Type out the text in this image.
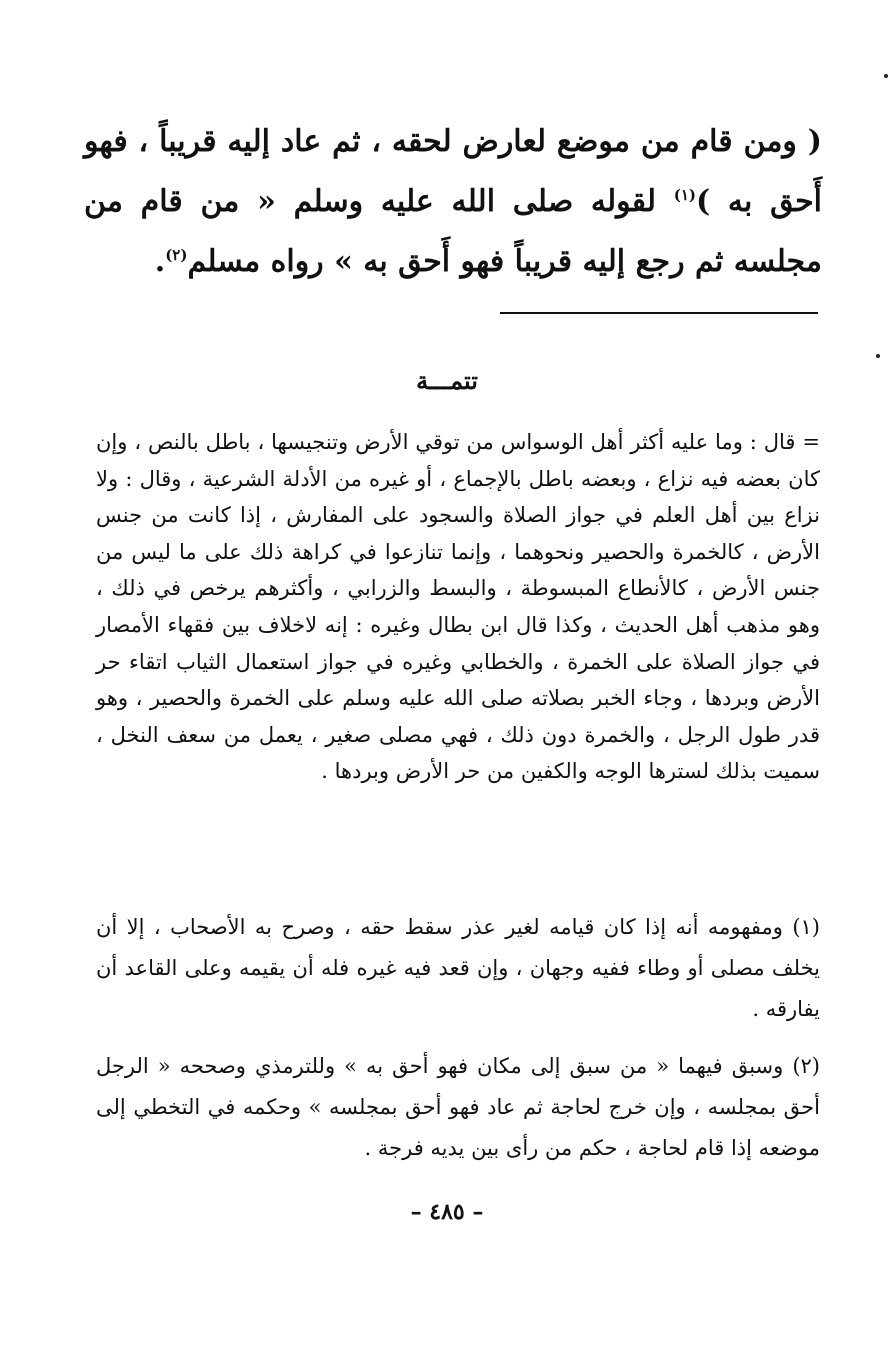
( ومن قام من موضع لعارض لحقه ، ثم عاد إليه قريباً ، فهو أَحق به )$^{(١)}$ لقوله صلى الله عليه وسلم « من قام من مجلسه ثم رجع إليه قريباً فهو أَحق به » رواه مسلم$^{(٢)}$.
تتمـــة
= قال : وما عليه أكثر أهل الوسواس من توقي الأرض وتنجيسها ، باطل بالنص ، وإن كان بعضه فيه نزاع ، وبعضه باطل بالإجماع ، أو غيره من الأدلة الشرعية ، وقال : ولا نزاع بين أهل العلم في جواز الصلاة والسجود على المفارش ، إذا كانت من جنس الأرض ، كالخمرة والحصير ونحوهما ، وإنما تنازعوا في كراهة ذلك على ما ليس من جنس الأرض ، كالأنطاع المبسوطة ، والبسط والزرابي ، وأكثرهم يرخص في ذلك ، وهو مذهب أهل الحديث ، وكذا قال ابن بطال وغيره : إنه لاخلاف بين فقهاء الأمصار في جواز الصلاة على الخمرة ، والخطابي وغيره في جواز استعمال الثياب اتقاء حر الأرض وبردها ، وجاء الخبر بصلاته صلى الله عليه وسلم على الخمرة والحصير ، وهو قدر طول الرجل ، والخمرة دون ذلك ، فهي مصلى صغير ، يعمل من سعف النخل ، سميت بذلك لسترها الوجه والكفين من حر الأرض وبردها .
(١) ومفهومه أنه إذا كان قيامه لغير عذر سقط حقه ، وصرح به الأصحاب ، إلا أن يخلف مصلى أو وطاء ففيه وجهان ، وإن قعد فيه غيره فله أن يقيمه وعلى القاعد أن يفارقه .
(٢) وسبق فيهما « من سبق إلى مكان فهو أحق به » وللترمذي وصححه « الرجل أحق بمجلسه ، وإن خرج لحاجة ثم عاد فهو أحق بمجلسه » وحكمه في التخطي إلى موضعه إذا قام لحاجة ، حكم من رأى بين يديه فرجة .
– ٤٨٥ –
